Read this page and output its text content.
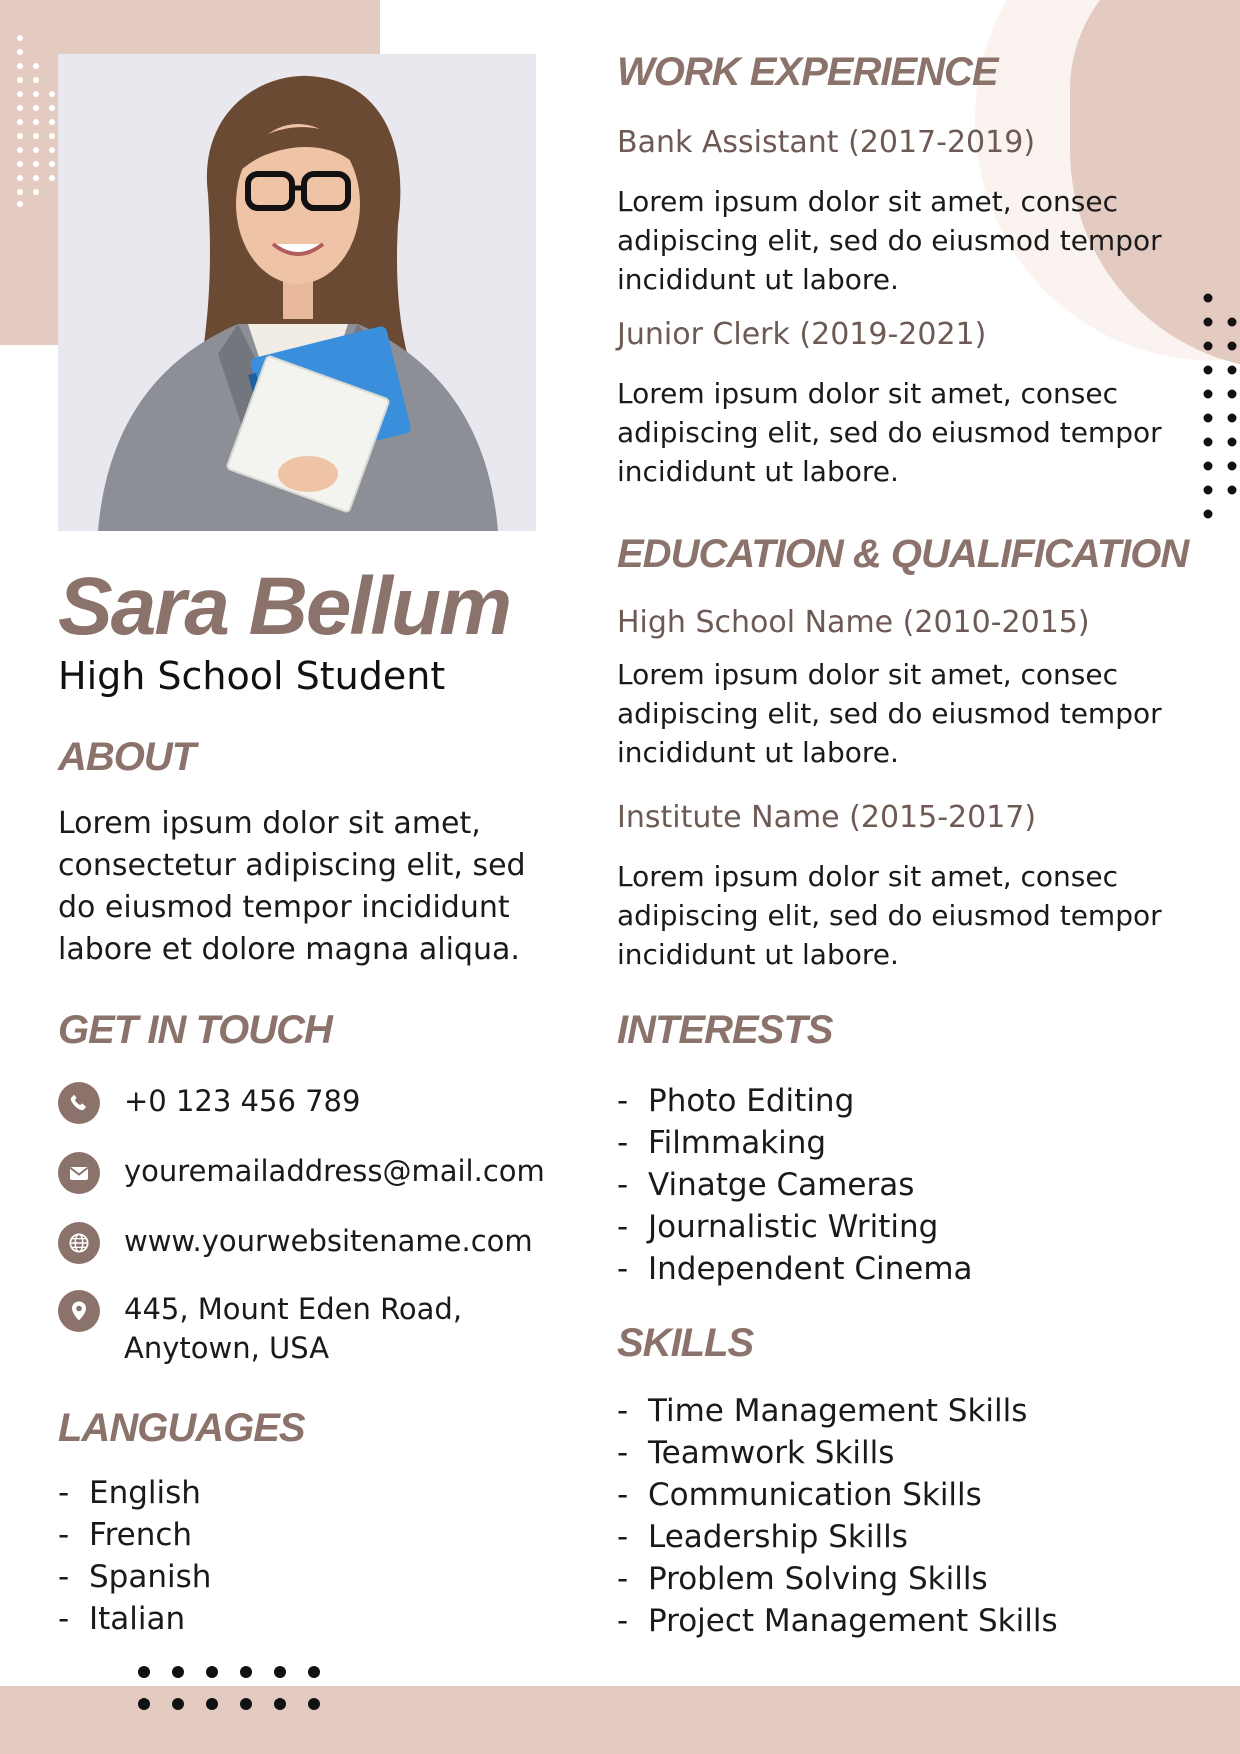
Sara Bellum
High School Student
ABOUT
Lorem ipsum dolor sit amet,
consectetur adipiscing elit, sed
do eiusmod tempor incididunt
labore et dolore magna aliqua.
GET IN TOUCH
+0 123 456 789
youremailaddress@mail.com
www.yourwebsitename.com
445, Mount Eden Road,
Anytown, USA
LANGUAGES
- English
- French
- Spanish
- Italian
WORK EXPERIENCE
Bank Assistant (2017-2019)
Lorem ipsum dolor sit amet, consec
adipiscing elit, sed do eiusmod tempor
incididunt ut labore.
Junior Clerk (2019-2021)
Lorem ipsum dolor sit amet, consec
adipiscing elit, sed do eiusmod tempor
incididunt ut labore.
EDUCATION & QUALIFICATION
High School Name (2010-2015)
Lorem ipsum dolor sit amet, consec
adipiscing elit, sed do eiusmod tempor
incididunt ut labore.
Institute Name (2015-2017)
Lorem ipsum dolor sit amet, consec
adipiscing elit, sed do eiusmod tempor
incididunt ut labore.
INTERESTS
- Photo Editing
- Filmmaking
- Vinatge Cameras
- Journalistic Writing
- Independent Cinema
SKILLS
- Time Management Skills
- Teamwork Skills
- Communication Skills
- Leadership Skills
- Problem Solving Skills
- Project Management Skills
